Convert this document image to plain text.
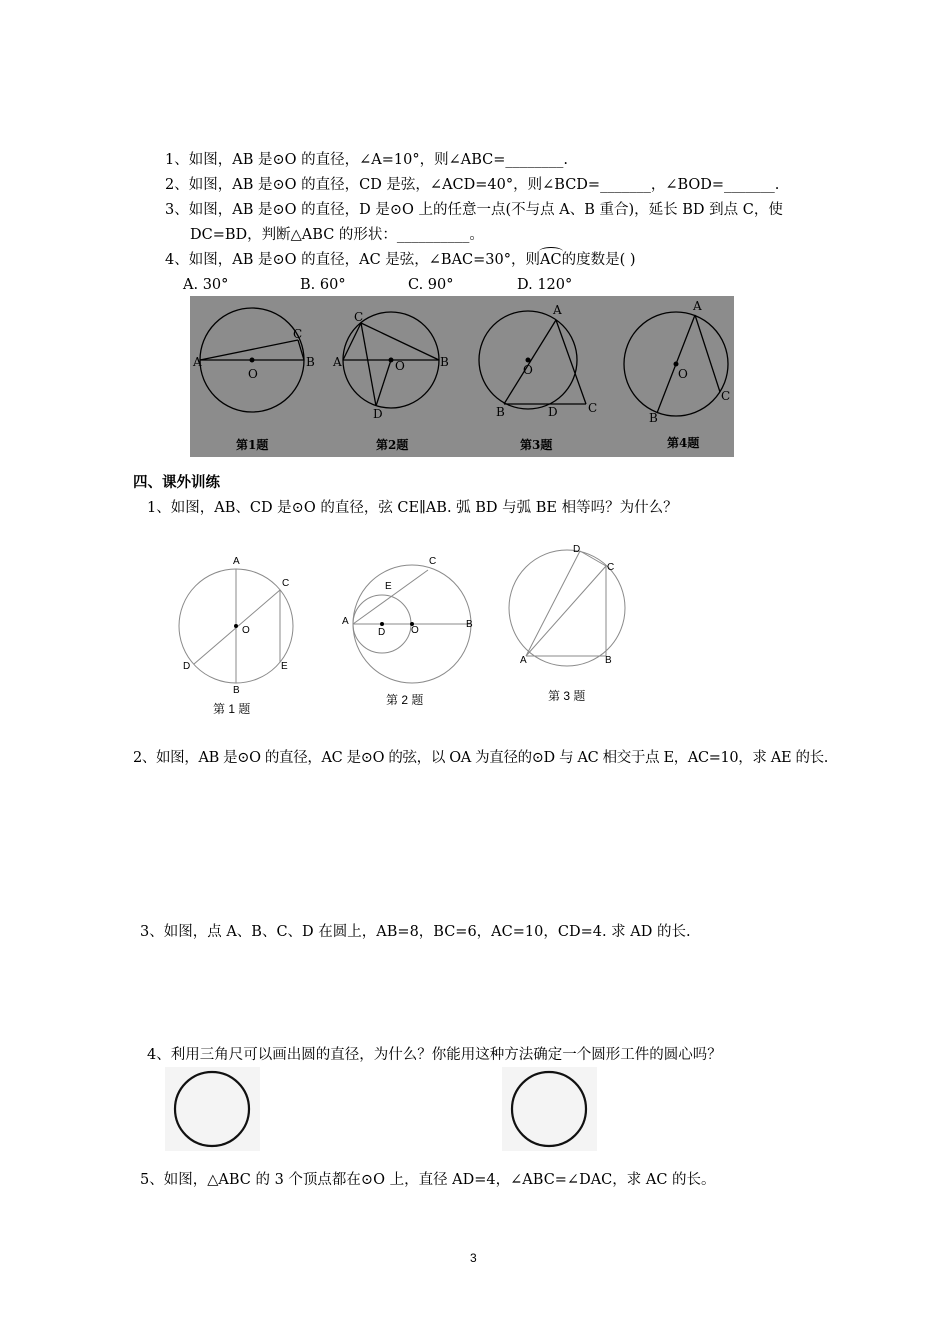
1、如图，AB 是⊙O 的直径，∠A=10°，则∠ABC=________.
2、如图，AB 是⊙O 的直径，CD 是弦，∠ACD=40°，则∠BCD=_______，∠BOD=_______.
3、如图，AB 是⊙O 的直径，D 是⊙O 上的任意一点(不与点 A、B 重合)，延长 BD 到点 C，使
DC=BD，判断△ABC 的形状：__________。
4、如图，AB 是⊙O 的直径，AC 是弦，∠BAC=30°，则AC的度数是( )
A. 30°	B. 60°	C. 90°	D. 120°
A	B
C
O
A	B
C
D
O
A
B	D	C
O
A
B
C
O
第1题	第2题	第3题	第4题
四、课外训练
1、如图，AB、CD 是⊙O 的直径，弦 CE∥AB. 弧 BD 与弧 BE 相等吗？为什么？
A
C
O
D	E
B
C
E
A	B
D	O
D
C
A	B
第 1 题
第 2 题	第 3 题
2、如图，AB 是⊙O 的直径，AC 是⊙O 的弦，以 OA 为直径的⊙D 与 AC 相交于点 E，AC=10，求 AE 的长.
3、如图，点 A、B、C、D 在圆上，AB=8，BC=6，AC=10，CD=4. 求 AD 的长.
4、利用三角尺可以画出圆的直径，为什么？你能用这种方法确定一个圆形工件的圆心吗？
5、如图，△ABC 的 3 个顶点都在⊙O 上，直径 AD=4，∠ABC=∠DAC，求 AC 的长。
3
